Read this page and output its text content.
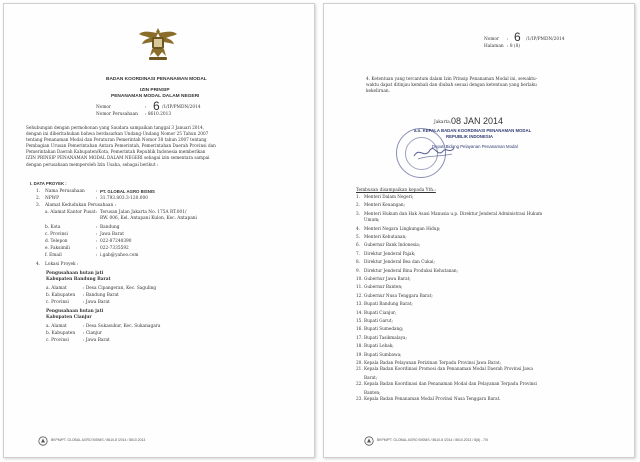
BADAN KOORDINASI PENANAMAN MODAL
IZIN PRINSIP
PENANAMAN MODAL DALAM NEGERI
Nomor	: 6 /1/IP/PMDN/2014
Nomor Perusahaan : 8610.2013
Sehubungan dengan permohonan yang Saudara sampaikan tanggal 3 Januari 2014,
dengan ini diberitahukan bahwa berdasarkan Undang-Undang Nomor 25 Tahun 2007
tentang Penanaman Modal dan Peraturan Pemerintah Nomor 38 tahun 2007 tentang
Pembagian Urusan Pemerintahan Antara Pemerintah, Pemerintahan Daerah Provinsi dan
Pemerintahan Daerah Kabupaten/Kota, Pemerintah Republik Indonesia memberikan
IZIN PRINSIP PENANAMAN MODAL DALAM NEGERI sebagai izin sementara sampai
dengan perusahaan memperoleh Izin Usaha, sebagai berikut :
I. DATA PROYEK :
1. Nama Perusahaan	: PT. GLOBAL AGRO BISNIS
2. NPWP	: 31.793.803.3-120.000
3. Alamat Kedudukan Perusahaan :
a. Alamat Kantor Pusat : Terusan Jalan Jakarta No. 175A RT.001/
RW. 006, Kel. Antapani Kulon, Kec. Antapani
b. Kota	: Bandung
c. Provinsi	: Jawa Barat
d. Telepon	: 022-87240390
e. Faksimili	: 022-7335592
f. Email	: i.gab@yahoo.com
4. Lokasi Proyek :
Pengusahaan hutan jati
Kabupaten Bandung Barat
a. Alamat	: Desa Cipangeran, Kec. Saguling
b. Kabupaten : Bandung Barat
c. Provinsi	: Jawa Barat
Pengusahaan hutan jati
Kabupaten Cianjur
a. Alamat	: Desa Sukasukur, Kec. Sukanagara
b. Kabupaten : Cianjur
c. Provinsi	: Jawa Barat
BKPM/PT. GLOBAL AGRO BISNIS / 8610-8 /2014 / 8610.2013
Nomor : 6 /1/IP/PMDN/2014
Halaman : 8 (8)
4. Ketentuan yang tercantum dalam Izin Prinsip Penanaman Modal ini, sewaktu-
waktu dapat ditinjau kembali dan diubah sesuai dengan ketentuan yang berlaku
kekeliruan.
Jakarta, 08 JAN 2014
a.n. KEPALA BADAN KOORDINASI PENANAMAN MODAL
REPUBLIK INDONESIA
Deputi Bidang Pelayanan Penanaman Modal
Tembusan disampaikan kepada Yth.:
1. Menteri Dalam Negeri;
2. Menteri Keuangan;
3. Menteri Hukum dan Hak Asasi Manusia u.p. Direktur Jenderal Administrasi Hukum
Umum;
4. Menteri Negara Lingkungan Hidup;
5. Menteri Kehutanan;
6. Gubernur Bank Indonesia;
7. Direktur Jenderal Pajak;
8. Direktur Jenderal Bea dan Cukai;
9. Direktur Jenderal Bina Produksi Kehutanan;
10. Gubernur Jawa Barat;
11. Gubernur Banten;
12. Gubernur Nusa Tenggara Barat;
13. Bupati Bandung Barat;
14. Bupati Cianjur;
15. Bupati Garut;
16. Bupati Sumedang;
17. Bupati Tasikmalaya;
18. Bupati Lebak;
19. Bupati Sumbawa;
20. Kepala Badan Pelayanan Perizinan Terpadu Provinsi Jawa Barat;
21. Kepala Badan Koordinasi Promosi dan Penanaman Modal Daerah Provinsi Jawa
Barat;
22. Kepala Badan Koordinasi dan Penanaman Modal dan Pelayanan Terpadu Provinsi
Banten;
23. Kepala Badan Penanaman Modal Provinsi Nusa Tenggara Barat.
BKPM/PT. GLOBAL AGRO BISNIS / 8610-8 /2014 / 8610.2013 / 8(8) - 7/5
